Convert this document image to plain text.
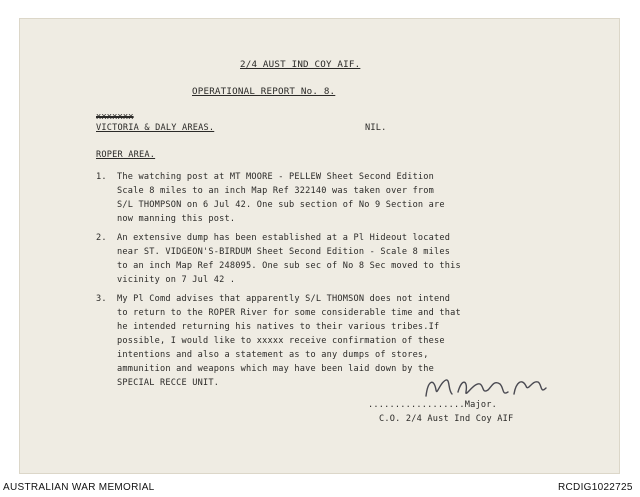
2/4 AUST IND COY AIF.
OPERATIONAL REPORT No. 8.
xxxxxxx
VICTORIA & DALY AREAS.	NIL.
ROPER AREA.
1. The watching post at MT MOORE - PELLEW Sheet Second Edition
Scale 8 miles to an inch Map Ref 322140 was taken over from
S/L THOMPSON on 6 Jul 42. One sub section of No 9 Section are
now manning this post.
2. An extensive dump has been established at a Pl Hideout located
near ST. VIDGEON'S-BIRDUM Sheet Second Edition - Scale 8 miles
to an inch Map Ref 248095. One sub sec of No 8 Sec moved to this
vicinity on 7 Jul 42 .
3. My Pl Comd advises that apparently S/L THOMSON does not intend
to return to the ROPER River for some considerable time and that
he intended returning his natives to their various tribes.If
possible, I would like to xxxxx receive confirmation of these
intentions and also a statement as to any dumps of stores,
ammunition and weapons which may have been laid down by the
SPECIAL RECCE UNIT.
..................Major.
C.O. 2/4 Aust Ind Coy AIF
AUSTRALIAN WAR MEMORIAL	RCDIG1022725
